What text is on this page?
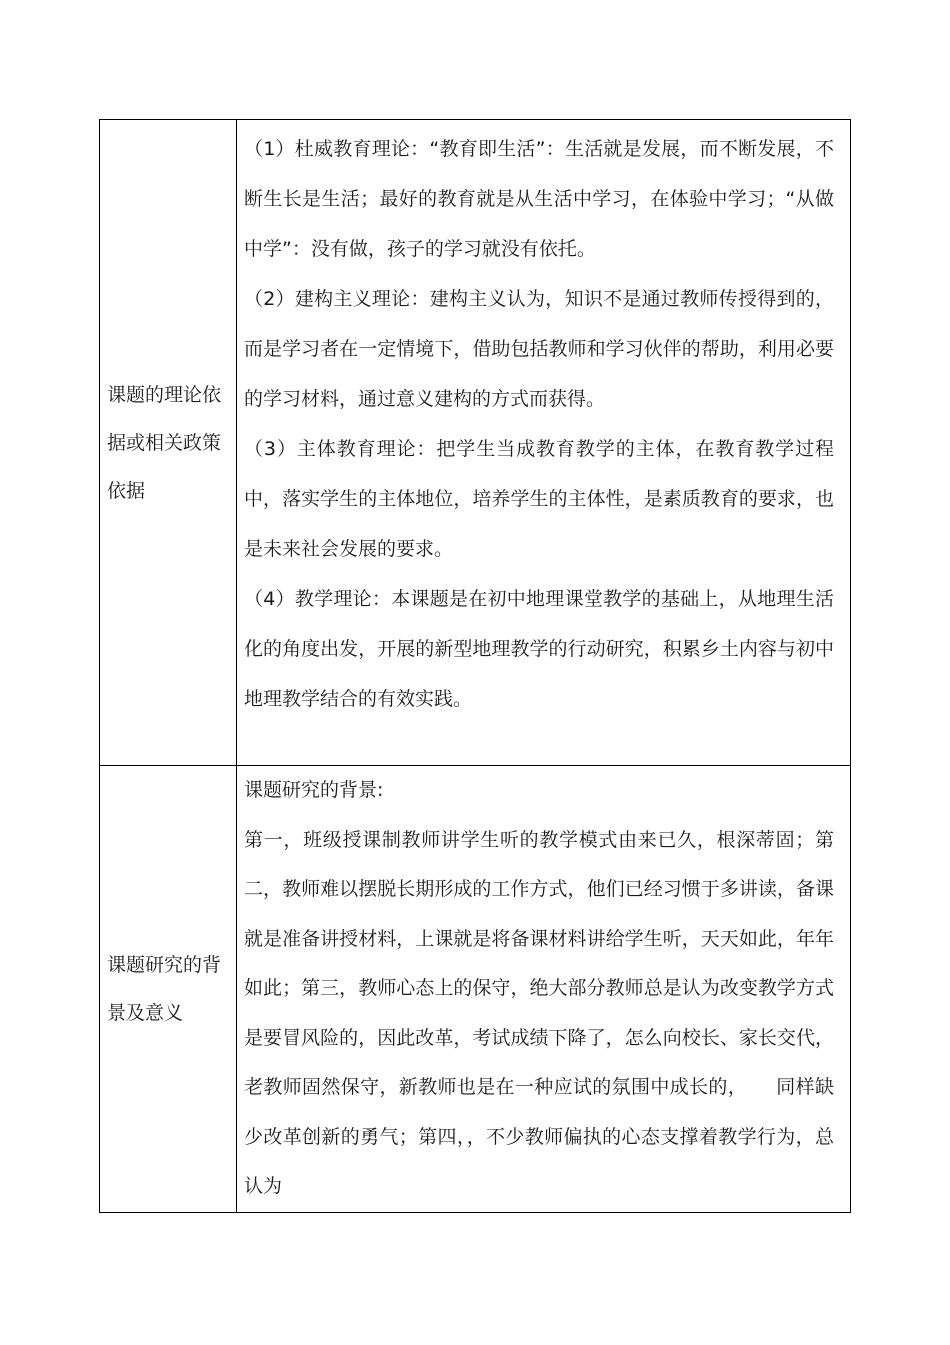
课题的理论依据或相关政策依据	（1）杜威教育理论：“教育即生活”：生活就是发展，而不断发展，不断生长是生活；最好的教育就是从生活中学习，在体验中学习；“从做中学”：没有做，孩子的学习就没有依托。

（2）建构主义理论：建构主义认为，知识不是通过教师传授得到的，而是学习者在一定情境下，借助包括教师和学习伙伴的帮助，利用必要的学习材料，通过意义建构的方式而获得。

（3）主体教育理论：把学生当成教育教学的主体，在教育教学过程中，落实学生的主体地位，培养学生的主体性，是素质教育的要求，也是未来社会发展的要求。

（4）教学理论：本课题是在初中地理课堂教学的基础上，从地理生活化的角度出发，开展的新型地理教学的行动研究，积累乡土内容与初中地理教学结合的有效实践。

课题研究的背景及意义	课题研究的背景:

第一，班级授课制教师讲学生听的教学模式由来已久，根深蒂固；第二，教师难以摆脱长期形成的工作方式，他们已经习惯于多讲读，备课就是准备讲授材料，上课就是将备课材料讲给学生听，天天如此，年年如此；第三，教师心态上的保守，绝大部分教师总是认为改变教学方式是要冒风险的，因此改革，考试成绩下降了，怎么向校长、家长交代，老教师固然保守，新教师也是在一种应试的氛围中成长的，　　同样缺少改革创新的勇气；第四，，不少教师偏执的心态支撑着教学行为，总认为
